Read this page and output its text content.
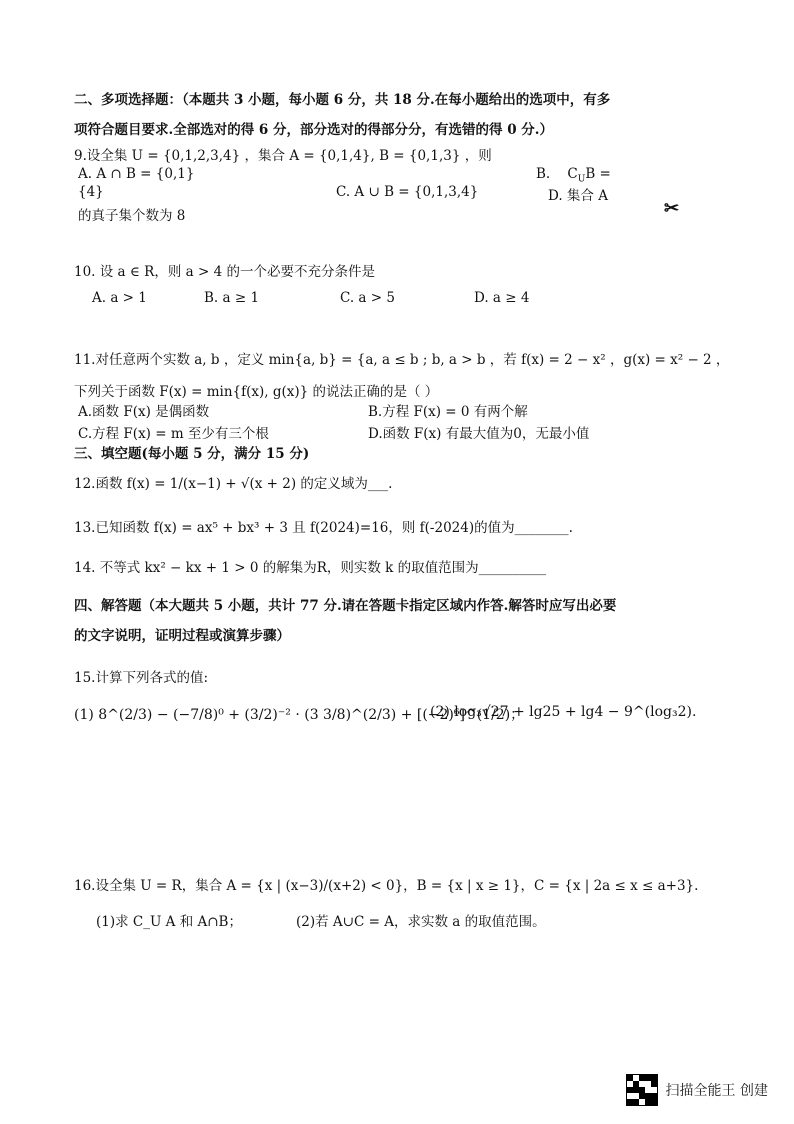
二、多项选择题：（本题共 3 小题，每小题 6 分，共 18 分.在每小题给出的选项中，有多
项符合题目要求.全部选对的得 6 分，部分选对的得部分分，有选错的得 0 分.）
9.设全集 U = {0,1,2,3,4} ，集合 A = {0,1,4}, B = {0,1,3} ，则
A. A ∩ B = {0,1}	B.    $C_UB$ =
{4}	C. A ∪ B = {0,1,3,4}	D. 集合 A
的真子集个数为 8	✂
10. 设 a ∈ R，则 a > 4 的一个必要不充分条件是
A. a > 1	B. a ≥ 1	C. a > 5	D. a ≥ 4
11.对任意两个实数 a, b ，定义 min{a, b} = {a, a ≤ b ; b, a > b ，若 f(x) = 2 − x² ，g(x) = x² − 2 ，
下列关于函数 F(x) = min{f(x), g(x)} 的说法正确的是（ ）
A.函数 F(x) 是偶函数	B.方程 F(x) = 0 有两个解
C.方程 F(x) = m 至少有三个根	D.函数 F(x) 有最大值为0，无最小值
三、填空题(每小题 5 分，满分 15 分)
12.函数 f(x) = 1/(x−1) + √(x + 2) 的定义域为___.
13.已知函数 f(x) = ax⁵ + bx³ + 3 且 f(2024)=16，则 f(-2024)的值为________.
14. 不等式 kx² − kx + 1 > 0 的解集为R，则实数 k 的取值范围为__________
四、解答题（本大题共 5 小题，共计 77 分.请在答题卡指定区域内作答.解答时应写出必要
的文字说明，证明过程或演算步骤）
15.计算下列各式的值:
(1) 8^(2/3) − (−7/8)⁰ + (3/2)⁻² · (3 3/8)^(2/3) + [(−2)⁶]^(1/2)；
(2) log₃√27 + lg25 + lg4 − 9^(log₃2).
16.设全集 U = R，集合 A = {x | (x−3)/(x+2) < 0}，B = {x | x ≥ 1}，C = {x | 2a ≤ x ≤ a+3}.
(1)求 C_U A 和 A∩B；	(2)若 A∪C = A，求实数 a 的取值范围。
扫描全能王 创建
